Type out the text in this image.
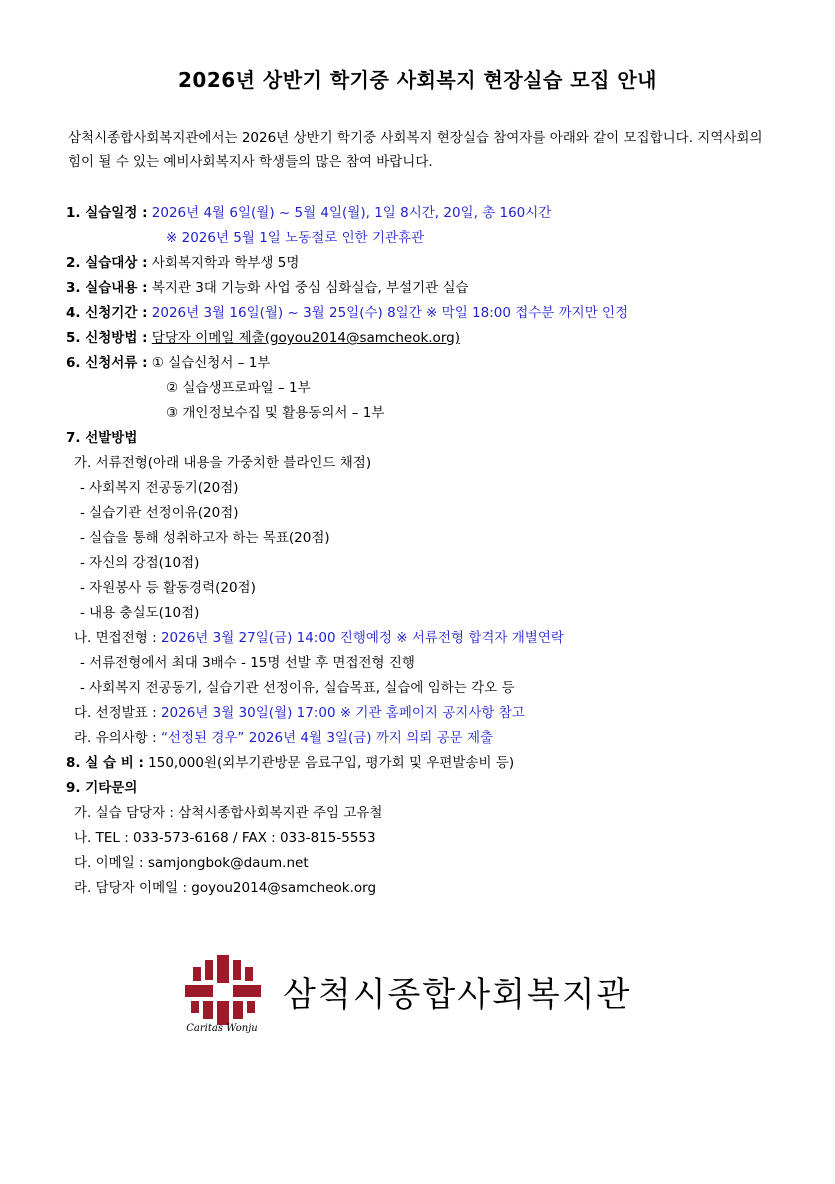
2026년 상반기 학기중 사회복지 현장실습 모집 안내
삼척시종합사회복지관에서는 2026년 상반기 학기중 사회복지 현장실습 참여자를 아래와 같이 모집합니다. 지역사회의 힘이 될 수 있는 예비사회복지사 학생들의 많은 참여 바랍니다.
1. 실습일정 : 2026년 4월 6일(월) ~ 5월 4일(월), 1일 8시간, 20일, 총 160시간
※ 2026년 5월 1일 노동절로 인한 기관휴관
2. 실습대상 : 사회복지학과 학부생 5명
3. 실습내용 : 복지관 3대 기능화 사업 중심 심화실습, 부설기관 실습
4. 신청기간 : 2026년 3월 16일(월) ~ 3월 25일(수) 8일간 ※ 막일 18:00 접수분 까지만 인정
5. 신청방법 : 담당자 이메일 제출(goyou2014@samcheok.org)
6. 신청서류 : ① 실습신청서 – 1부
② 실습생프로파일 – 1부
③ 개인정보수집 및 활용동의서 – 1부
7. 선발방법
가. 서류전형(아래 내용을 가중치한 블라인드 채점)
- 사회복지 전공동기(20점)
- 실습기관 선정이유(20점)
- 실습을 통해 성취하고자 하는 목표(20점)
- 자신의 강점(10점)
- 자원봉사 등 활동경력(20점)
- 내용 충실도(10점)
나. 면접전형 : 2026년 3월 27일(금) 14:00 진행예정 ※ 서류전형 합격자 개별연락
- 서류전형에서 최대 3배수 - 15명 선발 후 면접전형 진행
- 사회복지 전공동기, 실습기관 선정이유, 실습목표, 실습에 임하는 각오 등
다. 선정발표 : 2026년 3월 30일(월) 17:00 ※ 기관 홈페이지 공지사항 참고
라. 유의사항 : “선정된 경우” 2026년 4월 3일(금) 까지 의뢰 공문 제출
8. 실 습 비 : 150,000원(외부기관방문 음료구입, 평가회 및 우편발송비 등)
9. 기타문의
가. 실습 담당자 : 삼척시종합사회복지관 주임 고유철
나. TEL : 033-573-6168 / FAX : 033-815-5553
다. 이메일 : samjongbok@daum.net
라. 담당자 이메일 : goyou2014@samcheok.org
Caritas Wonju
삼척시종합사회복지관
